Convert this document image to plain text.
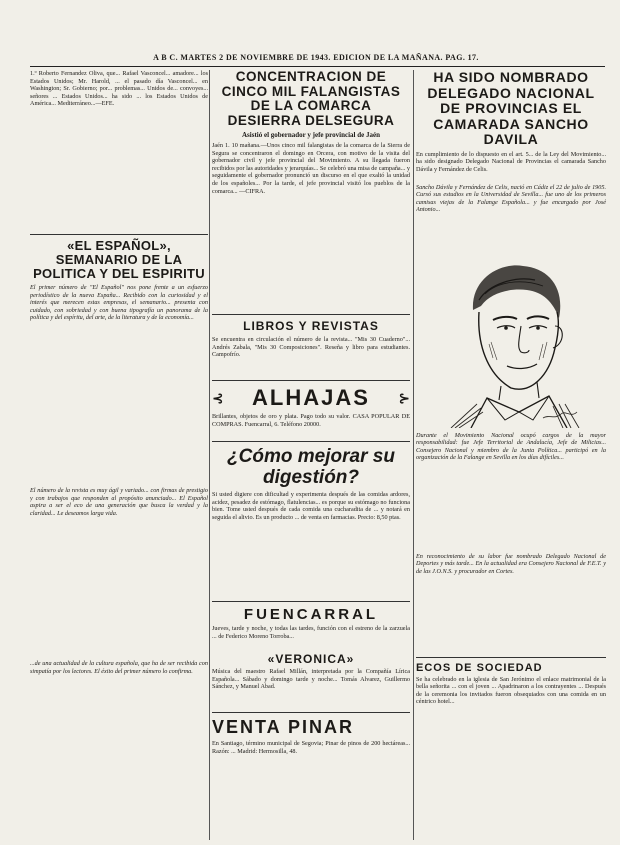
A B C. MARTES 2 DE NOVIEMBRE DE 1943. EDICION DE LA MAÑANA. PAG. 17.

1.º Roberto Fernandez Oliva, que... Rafael Vasconcel... amadore... los Estados Unidos; Mr. Harold, ... el pasado día Vasconcel... en Washington; Sr. Gobierno; por... problemas... Unidos de... convoyes... señores ... Estados Unidos... ha sido ... los Estados Unidos de América... Mediterráneo...—EFE.

«EL ESPAÑOL», SEMANARIO DE LA POLITICA Y DEL ESPIRITU

El primer número de "El Español" nos pone frente a un esfuerzo periodístico de la nueva España... Recibido con la curiosidad y el interés que merecen estas empresas, el semanario... presenta con cuidado, con sobriedad y con buena tipografía un panorama de la política y del espíritu, del arte, de la literatura y de la economía...

El número de la revista es muy ágil y variado... con firmas de prestigio y con trabajos que responden al propósito anunciado... El Español aspira a ser el eco de una generación que busca la verdad y la claridad... Le deseamos larga vida.

...de una actualidad de la cultura española, que ha de ser recibida con simpatía por los lectores. El éxito del primer número lo confirma.

CONCENTRACION DE CINCO MIL FALANGISTAS DE LA COMARCA DESIERRA DELSEGURA
Asistió el gobernador y jefe provincial de Jaén

Jaén 1. 10 mañana.—Unos cinco mil falangistas de la comarca de la Sierra de Segura se concentraron el domingo en Orcera, con motivo de la visita del gobernador civil y jefe provincial del Movimiento. A su llegada fueron recibidos por las autoridades y jerarquías... Se celebró una misa de campaña... y seguidamente el gobernador pronunció un discurso en el que exaltó la unidad de los españoles... Por la tarde, el jefe provincial visitó los pueblos de la comarca... —CIFRA.

LIBROS Y REVISTAS

Se encuentra en circulación el número de la revista... "Mis 30 Cuaderno"... Andrés Zabala, "Mis 30 Composiciones". Reseña y libro para estudiantes. Campofrío.

⊰ ALHAJAS ⊱

Brillantes, objetos de oro y plata. Pago todo su valor. CASA POPULAR DE COMPRAS. Fuencarral, 6. Teléfono 20000.

¿Cómo mejorar su digestión?

Si usted digiere con dificultad y experimenta después de las comidas ardores, acidez, pesadez de estómago, flatulencias... es porque su estómago no funciona bien. Tome usted después de cada comida una cucharadita de ... y notará en seguida el alivio. Es un producto ... de venta en farmacias. Precio: 8,50 ptas.

FUENCARRAL

Jueves, tarde y noche, y todas las tardes, función con el estreno de la zarzuela ... de Federico Moreno Torroba...

«VERONICA»

Música del maestro Rafael Millán, interpretada por la Compañía Lírica Española... Sábado y domingo tarde y noche... Tomás Alvarez, Guillermo Sánchez, y Manuel Abad.

VENTA PINAR

En Santiago, término municipal de Segovia; Pinar de pinos de 200 hectáreas... Razón: ... Madrid: Hermosilla, 48.

HA SIDO NOMBRADO DELEGADO NACIONAL DE PROVINCIAS EL CAMARADA SANCHO DAVILA

En cumplimiento de lo dispuesto en el art. 5... de la Ley del Movimiento... ha sido designado Delegado Nacional de Provincias el camarada Sancho Dávila y Fernández de Celis.

Sancho Dávila y Fernández de Celis, nació en Cádiz el 22 de julio de 1905. Cursó sus estudios en la Universidad de Sevilla... fue uno de los primeros camisas viejas de la Falange Española... y fue encargado por José Antonio...

Durante el Movimiento Nacional ocupó cargos de la mayor responsabilidad: fue Jefe Territorial de Andalucía, Jefe de Milicias... Consejero Nacional y miembro de la Junta Política... participó en la organización de la Falange en Sevilla en los días difíciles...

En reconocimiento de su labor fue nombrado Delegado Nacional de Deportes y más tarde... En la actualidad era Consejero Nacional de F.E.T. y de las J.O.N.S. y procurador en Cortes.

ECOS DE SOCIEDAD

Se ha celebrado en la iglesia de San Jerónimo el enlace matrimonial de la bella señorita ... con el joven ... Apadrinaron a los contrayentes ... Después de la ceremonia los invitados fueron obsequiados con una comida en un céntrico hotel...
